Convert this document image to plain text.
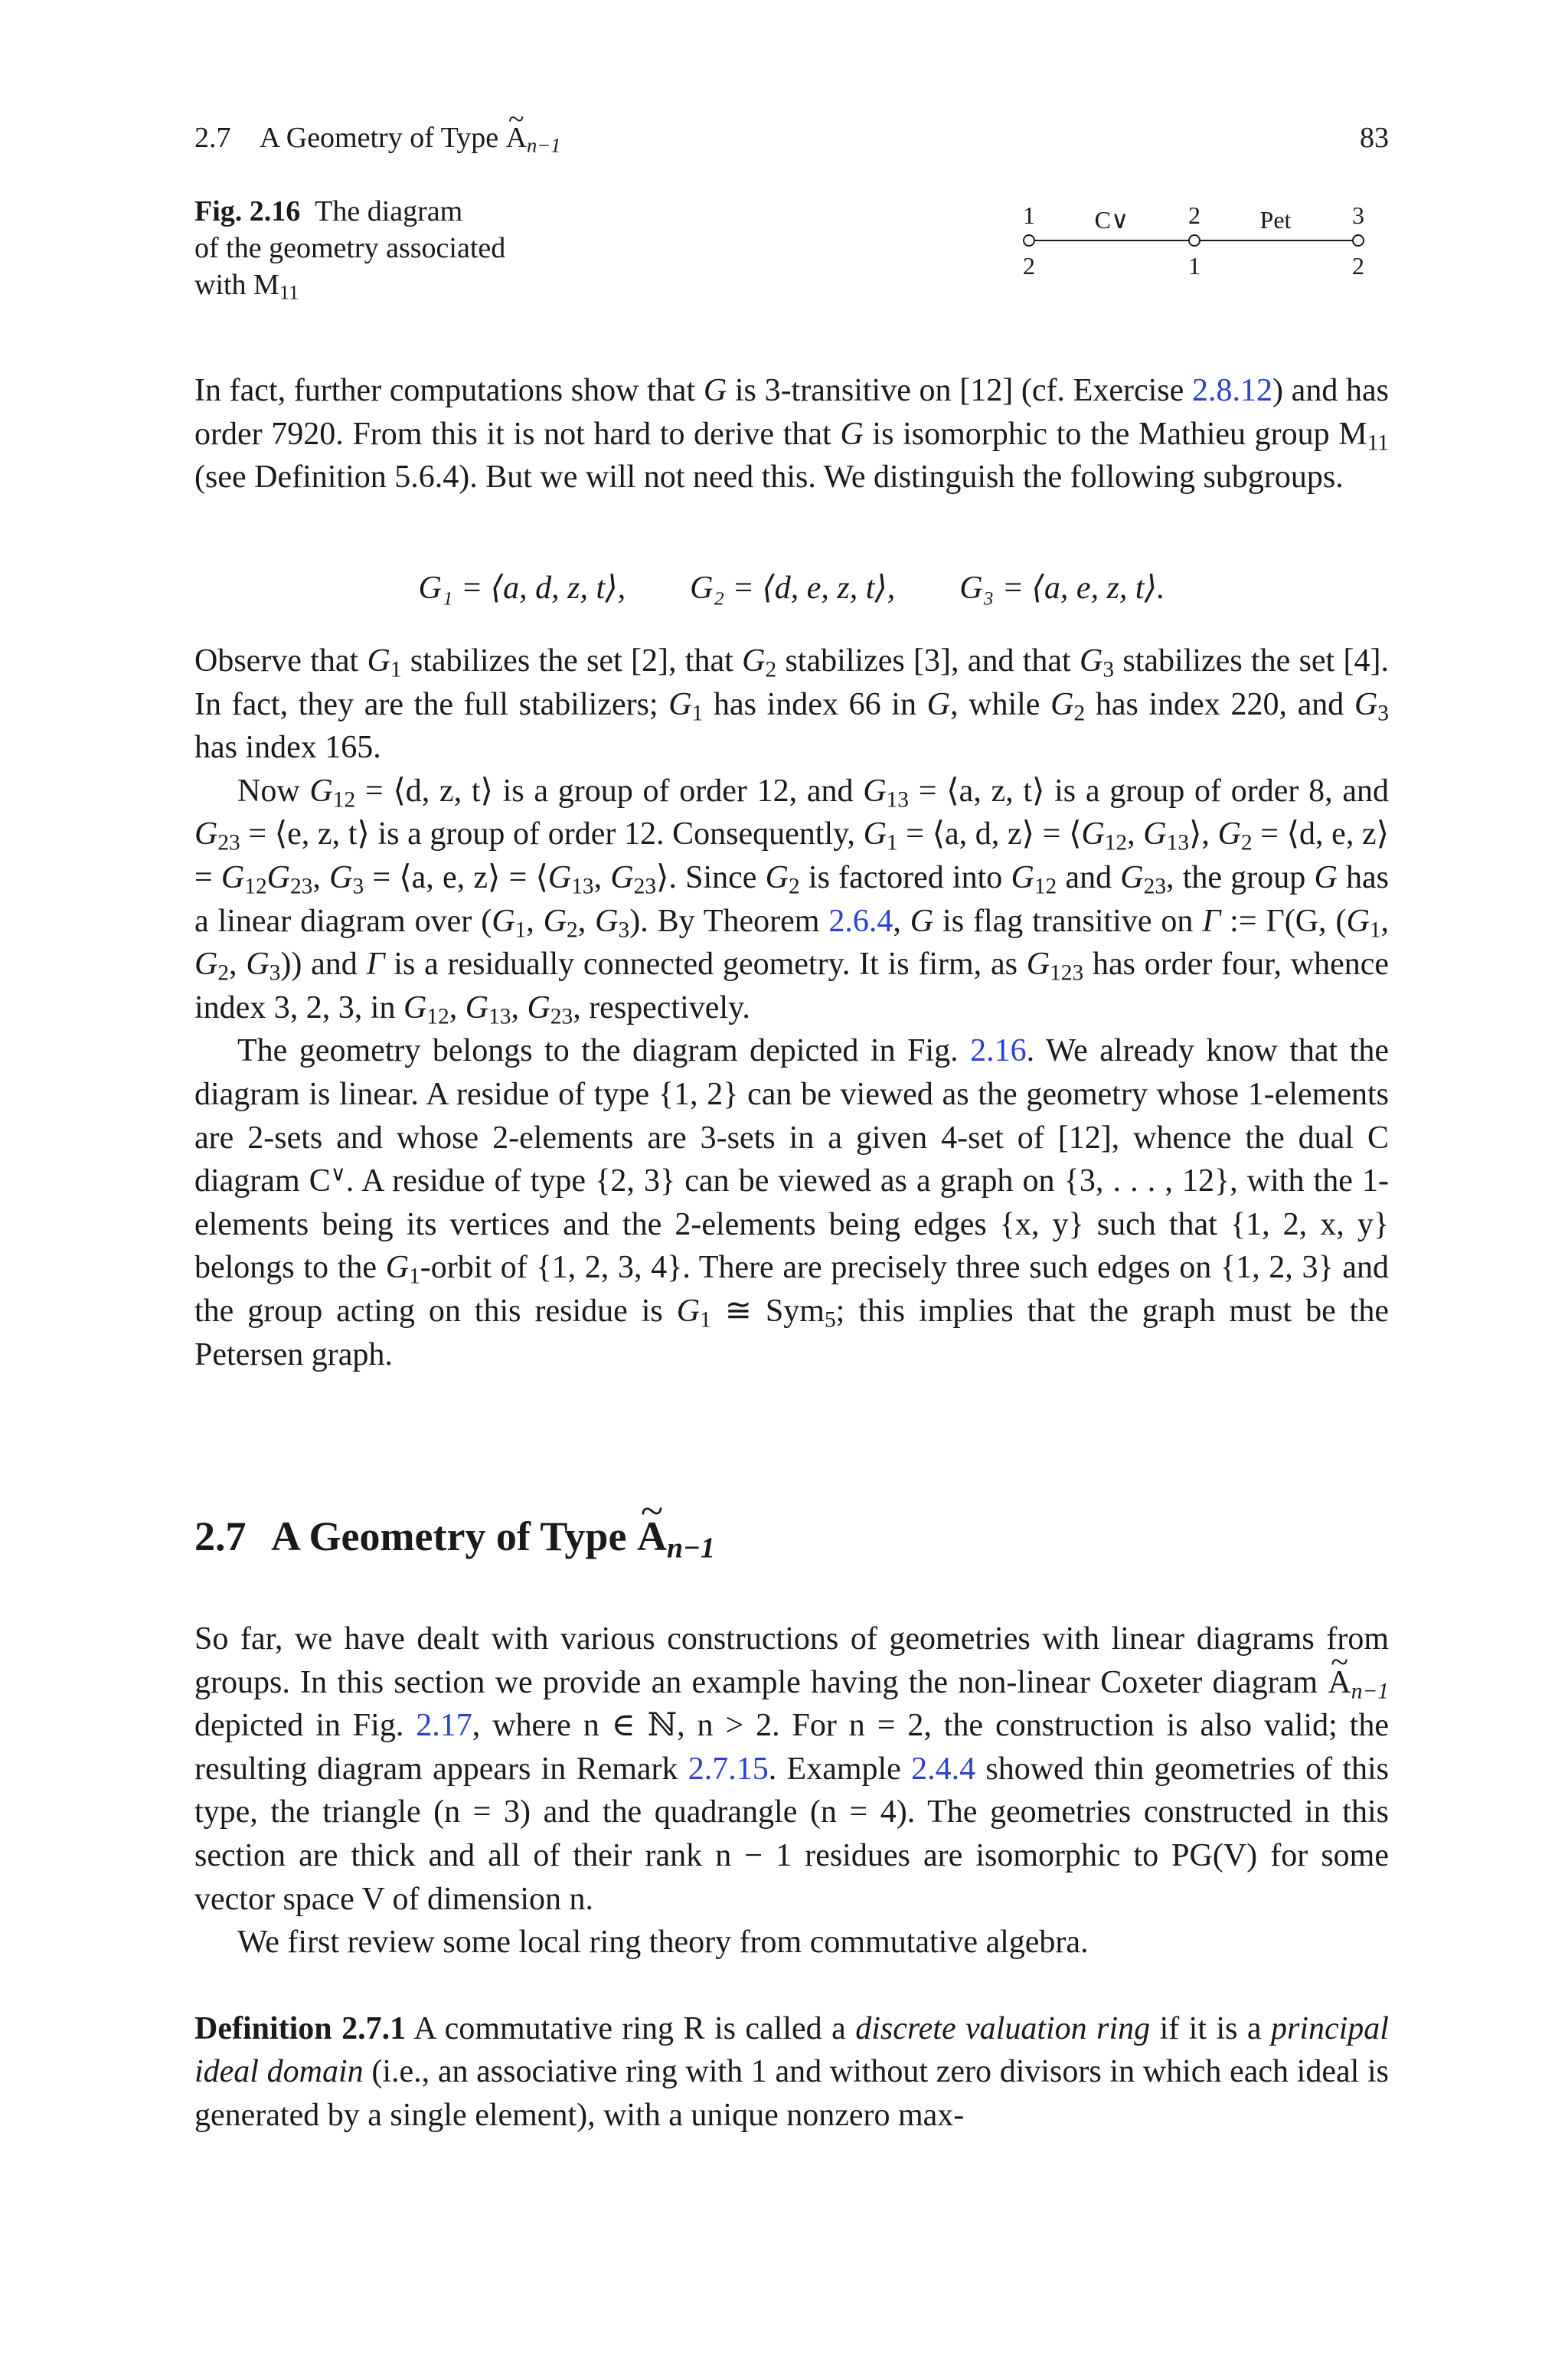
2.7 A Geometry of Type ~ $A_{n-1}$	83
Fig. 2.16 The diagram
of the geometry associated
with $M_{11}$
1	2	3
2	1	2
C∨	Pet

In fact, further computations show that G is 3-transitive on [12] (cf. Exercise 2.8.12) and has order 7920. From this it is not hard to derive that G is isomorphic to the Mathieu group $M_{11}$ (see Definition 5.6.4). But we will not need this. We distinguish the following subgroups.

G₁ = ⟨a, d, z, t⟩,        G₂ = ⟨d, e, z, t⟩,        G₃ = ⟨a, e, z, t⟩.

Observe that $G_1$ stabilizes the set [2], that $G_2$ stabilizes [3], and that $G_3$ stabilizes the set [4]. In fact, they are the full stabilizers; $G_1$ has index 66 in G, while $G_2$ has index 220, and $G_3$ has index 165.

Now $G_{12}$ = ⟨d, z, t⟩ is a group of order 12, and $G_{13}$ = ⟨a, z, t⟩ is a group of order 8, and $G_{23}$ = ⟨e, z, t⟩ is a group of order 12. Consequently, $G_1$ = ⟨a, d, z⟩ = $⟨G_{12}$, $G_{13}⟩$, $G_2$ = ⟨d, e, z⟩ = $G_{12}G_{23}$, $G_3$ = ⟨a, e, z⟩ = $⟨G_{13}$, $G_{23}⟩$. Since $G_2$ is factored into $G_{12}$ and $G_{23}$, the group G has a linear diagram over ($G_1$, $G_2$, $G_3$). By Theorem 2.6.4, G is flag transitive on Γ := Γ(G, ($G_1$, $G_2$, $G_3$)) and Γ is a residually connected geometry. It is firm, as $G_{123}$ has order four, whence index 3, 2, 3, in $G_{12}$, $G_{13}$, $G_{23}$, respectively.

The geometry belongs to the diagram depicted in Fig. 2.16. We already know that the diagram is linear. A residue of type {1, 2} can be viewed as the geometry whose 1-elements are 2-sets and whose 2-elements are 3-sets in a given 4-set of [12], whence the dual C diagram C∨. A residue of type {2, 3} can be viewed as a graph on {3, . . . , 12}, with the 1-elements being its vertices and the 2-elements being edges {x, y} such that {1, 2, x, y} belongs to the $G_1$-orbit of {1, 2, 3, 4}. There are precisely three such edges on {1, 2, 3} and the group acting on this residue is $G_1$ ≅ Sym$_5$; this implies that the graph must be the Petersen graph.

2.7 A Geometry of Type ~ $A_{n-1}$

So far, we have dealt with various constructions of geometries with linear diagrams from groups. In this section we provide an example having the non-linear Coxeter diagram ~ $A_{n-1}$ depicted in Fig. 2.17, where n ∈ ℕ, n > 2. For n = 2, the construction is also valid; the resulting diagram appears in Remark 2.7.15. Example 2.4.4 showed thin geometries of this type, the triangle (n = 3) and the quadrangle (n = 4). The geometries constructed in this section are thick and all of their rank n − 1 residues are isomorphic to PG(V) for some vector space V of dimension n.

We first review some local ring theory from commutative algebra.

Definition 2.7.1 A commutative ring R is called a discrete valuation ring if it is a principal ideal domain (i.e., an associative ring with 1 and without zero divisors in which each ideal is generated by a single element), with a unique nonzero max-
